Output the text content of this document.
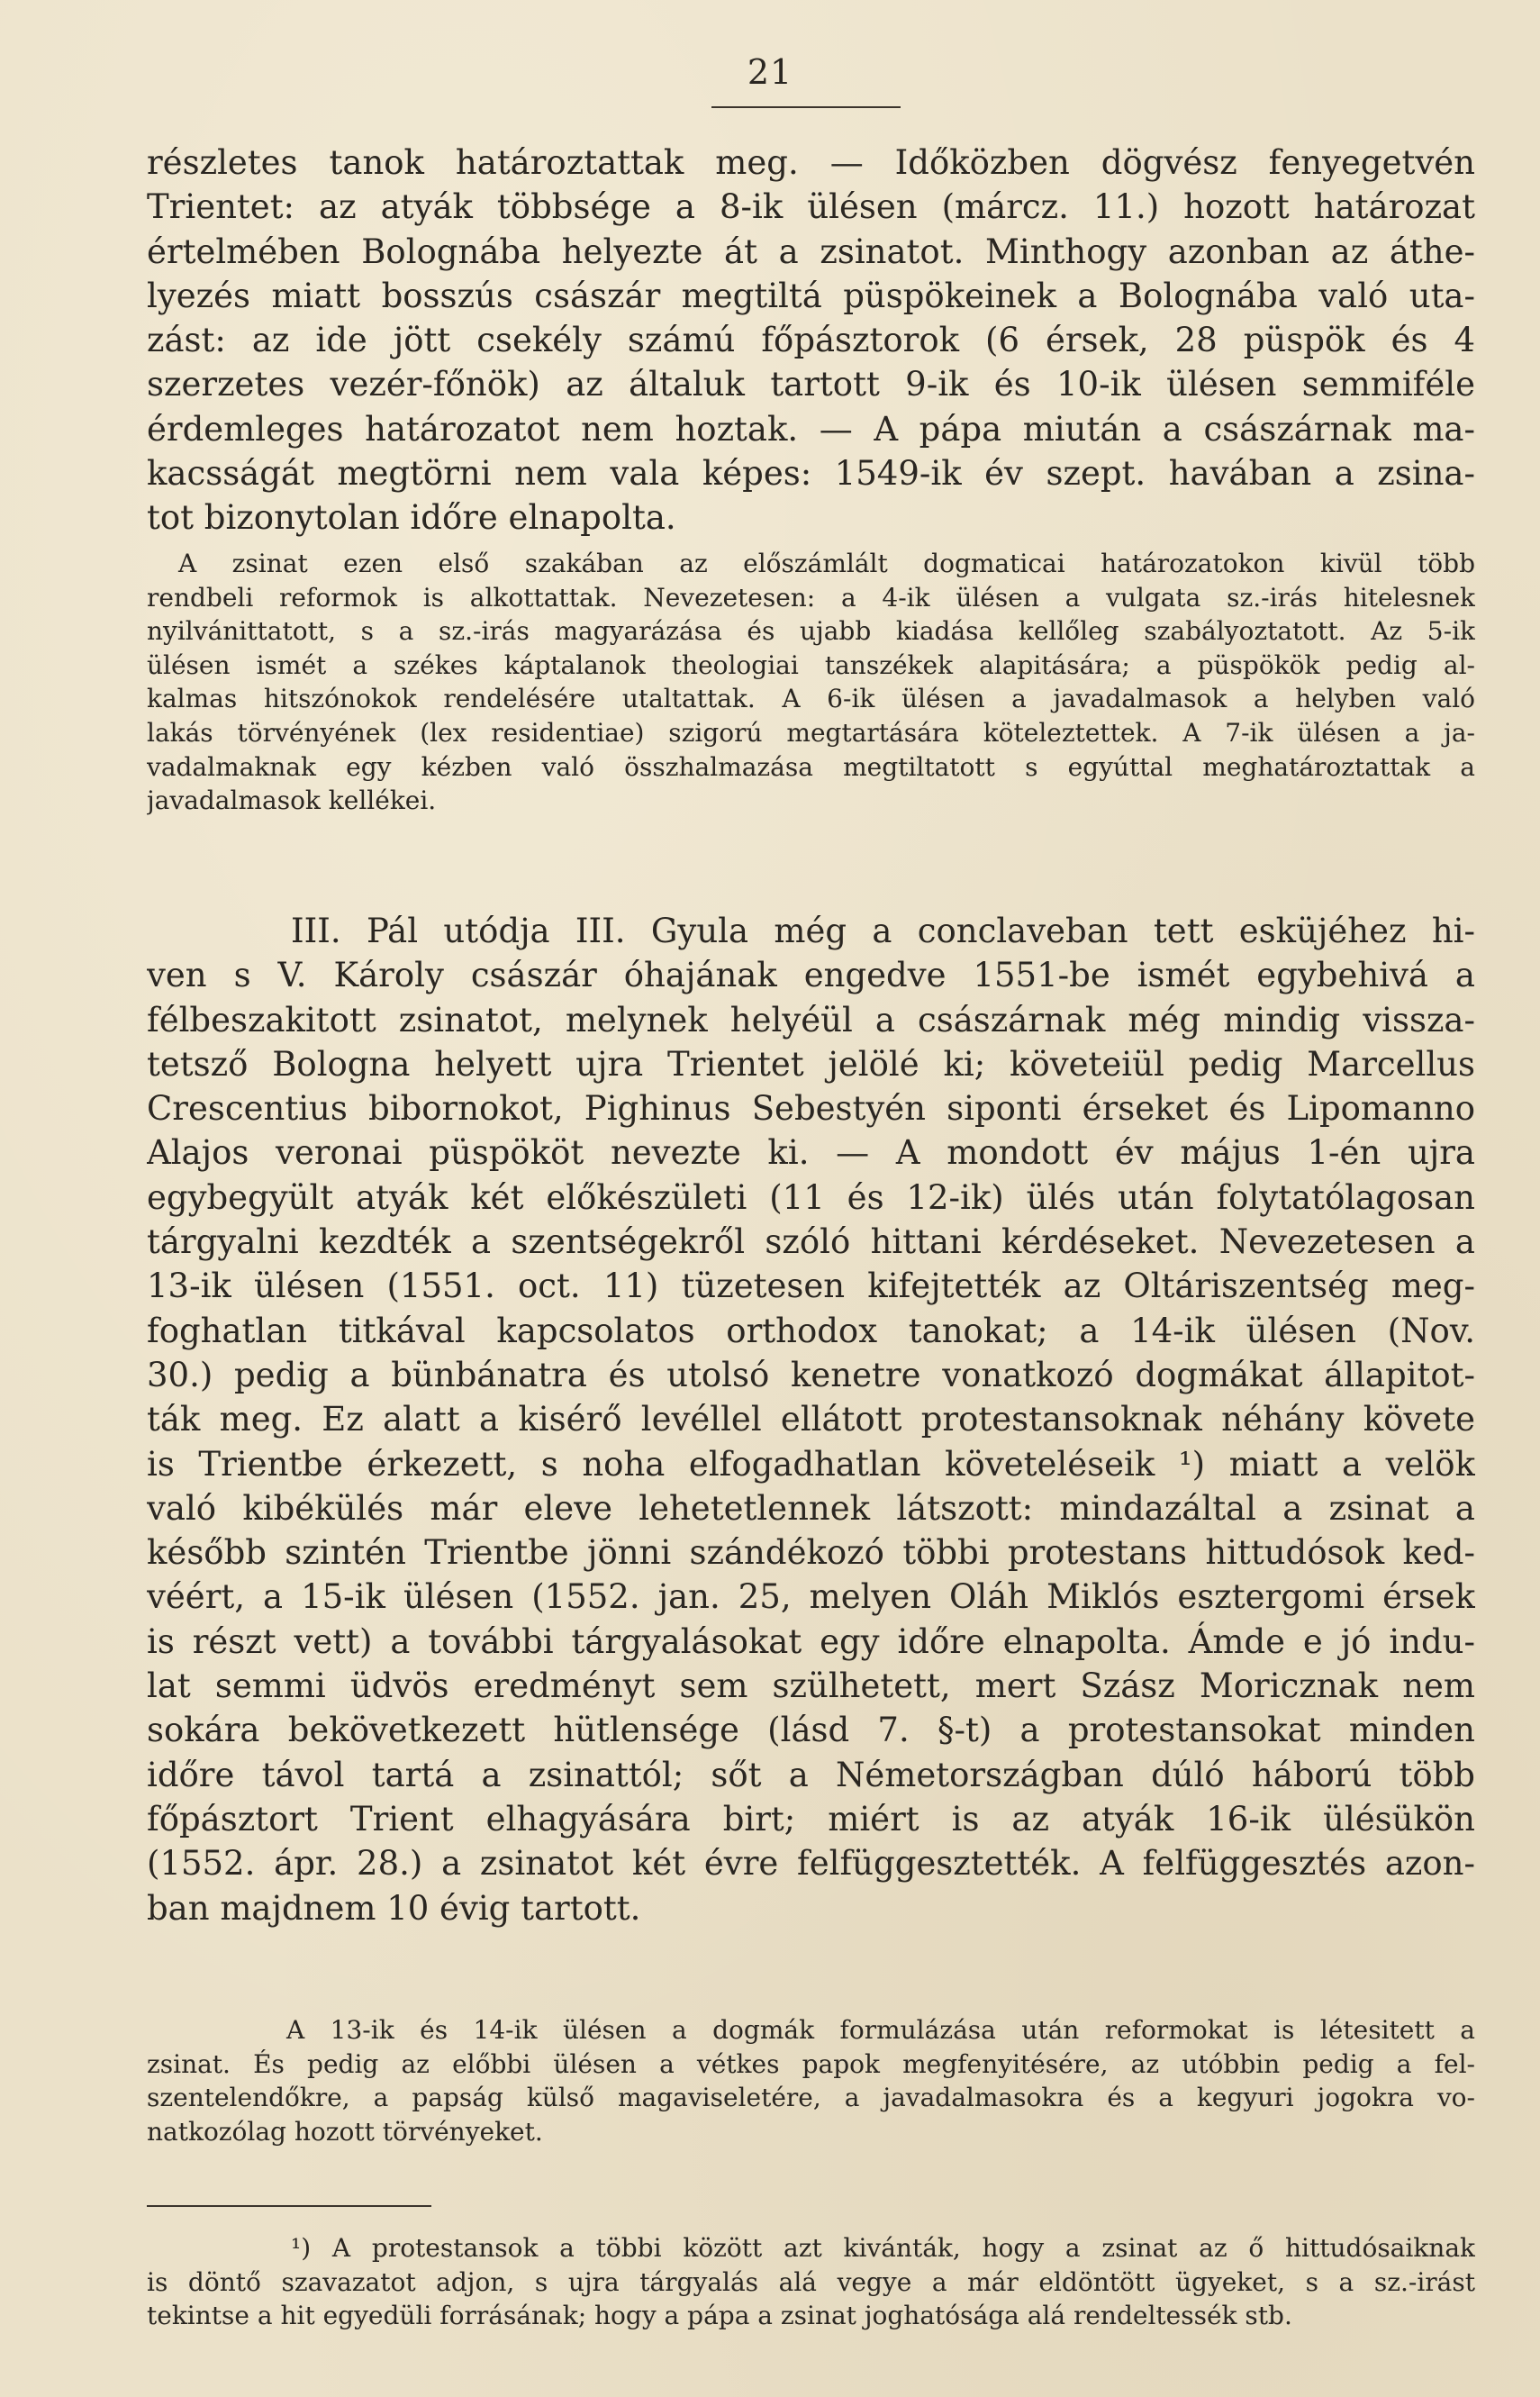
21
részletes tanok határoztattak meg. — Időközben dögvész fenyegetvén
Trientet: az atyák többsége a 8-ik ülésen (márcz. 11.) hozott határozat
értelmében Bolognába helyezte át a zsinatot. Minthogy azonban az áthe-
lyezés miatt bosszús császár megtiltá püspökeinek a Bolognába való uta-
zást: az ide jött csekély számú főpásztorok (6 érsek, 28 püspök és 4
szerzetes vezér-főnök) az általuk tartott 9-ik és 10-ik ülésen semmiféle
érdemleges határozatot nem hoztak. — A pápa miután a császárnak ma-
kacsságát megtörni nem vala képes: 1549-ik év szept. havában a zsina-
tot bizonytolan időre elnapolta.
A zsinat ezen első szakában az előszámlált dogmaticai határozatokon kivül több
rendbeli reformok is alkottattak. Nevezetesen: a 4-ik ülésen a vulgata sz.-irás hitelesnek
nyilvánittatott, s a sz.-irás magyarázása és ujabb kiadása kellőleg szabályoztatott. Az 5-ik
ülésen ismét a székes káptalanok theologiai tanszékek alapitására; a püspökök pedig al-
kalmas hitszónokok rendelésére utaltattak. A 6-ik ülésen a javadalmasok a helyben való
lakás törvényének (lex residentiae) szigorú megtartására köteleztettek. A 7-ik ülésen a ja-
vadalmaknak egy kézben való összhalmazása megtiltatott s egyúttal meghatároztattak a
javadalmasok kellékei.
III. Pál utódja III. Gyula még a conclaveban tett esküjéhez hi-
ven s V. Károly császár óhajának engedve 1551-be ismét egybehivá a
félbeszakitott zsinatot, melynek helyéül a császárnak még mindig vissza-
tetsző Bologna helyett ujra Trientet jelölé ki; követeiül pedig Marcellus
Crescentius bibornokot, Pighinus Sebestyén siponti érseket és Lipomanno
Alajos veronai püspököt nevezte ki. — A mondott év május 1-én ujra
egybegyült atyák két előkészületi (11 és 12-ik) ülés után folytatólagosan
tárgyalni kezdték a szentségekről szóló hittani kérdéseket. Nevezetesen a
13-ik ülésen (1551. oct. 11) tüzetesen kifejtették az Oltáriszentség meg-
foghatlan titkával kapcsolatos orthodox tanokat; a 14-ik ülésen (Nov.
30.) pedig a bünbánatra és utolsó kenetre vonatkozó dogmákat állapitot-
ták meg. Ez alatt a kisérő levéllel ellátott protestansoknak néhány követe
is Trientbe érkezett, s noha elfogadhatlan követeléseik ¹) miatt a velök
való kibékülés már eleve lehetetlennek látszott: mindazáltal a zsinat a
később szintén Trientbe jönni szándékozó többi protestans hittudósok ked-
véért, a 15-ik ülésen (1552. jan. 25, melyen Oláh Miklós esztergomi érsek
is részt vett) a további tárgyalásokat egy időre elnapolta. Ámde e jó indu-
lat semmi üdvös eredményt sem szülhetett, mert Szász Moricznak nem
sokára bekövetkezett hütlensége (lásd 7. §-t) a protestansokat minden
időre távol tartá a zsinattól; sőt a Németországban dúló háború több
főpásztort Trient elhagyására birt; miért is az atyák 16-ik ülésükön
(1552. ápr. 28.) a zsinatot két évre felfüggesztették. A felfüggesztés azon-
ban majdnem 10 évig tartott.
A 13-ik és 14-ik ülésen a dogmák formulázása után reformokat is létesitett a
zsinat. És pedig az előbbi ülésen a vétkes papok megfenyitésére, az utóbbin pedig a fel-
szentelendőkre, a papság külső magaviseletére, a javadalmasokra és a kegyuri jogokra vo-
natkozólag hozott törvényeket.
¹) A protestansok a többi között azt kivánták, hogy a zsinat az ő hittudósaiknak
is döntő szavazatot adjon, s ujra tárgyalás alá vegye a már eldöntött ügyeket, s a sz.-irást
tekintse a hit egyedüli forrásának; hogy a pápa a zsinat joghatósága alá rendeltessék stb.
